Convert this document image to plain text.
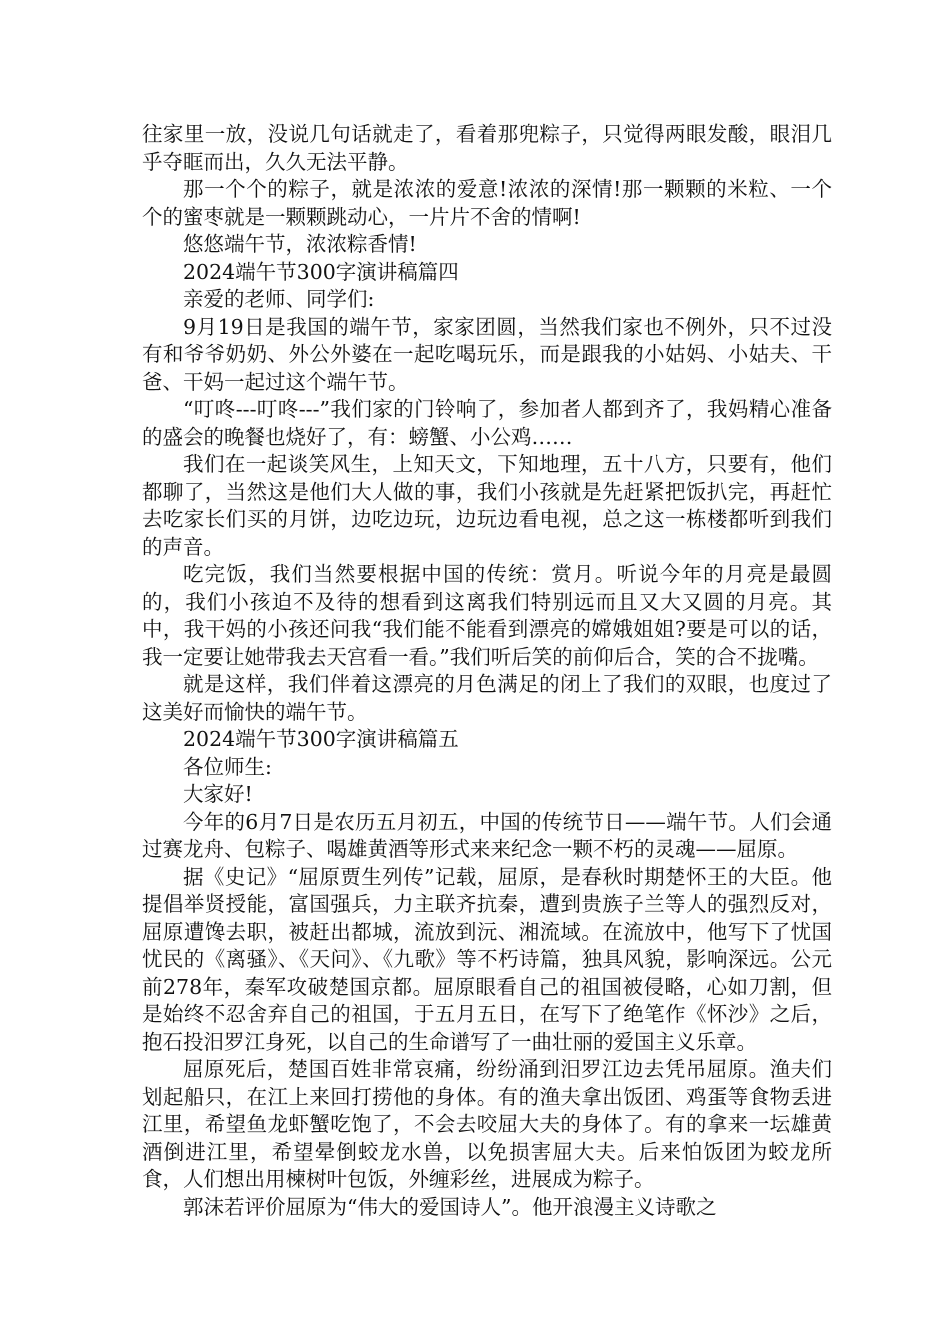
往家里一放，没说几句话就走了，看着那兜粽子，只觉得两眼发酸，眼泪几乎夺眶而出，久久无法平静。

那一个个的粽子，就是浓浓的爱意!浓浓的深情!那一颗颗的米粒、一个个的蜜枣就是一颗颗跳动心，一片片不舍的情啊!

悠悠端午节，浓浓粽香情!

2024端午节300字演讲稿篇四

亲爱的老师、同学们:

9月19日是我国的端午节，家家团圆，当然我们家也不例外，只不过没有和爷爷奶奶、外公外婆在一起吃喝玩乐，而是跟我的小姑妈、小姑夫、干爸、干妈一起过这个端午节。

“叮咚---叮咚---”我们家的门铃响了，参加者人都到齐了，我妈精心准备的盛会的晚餐也烧好了，有：螃蟹、小公鸡……

我们在一起谈笑风生，上知天文，下知地理，五十八方，只要有，他们都聊了，当然这是他们大人做的事，我们小孩就是先赶紧把饭扒完，再赶忙去吃家长们买的月饼，边吃边玩，边玩边看电视，总之这一栋楼都听到我们的声音。

吃完饭，我们当然要根据中国的传统：赏月。听说今年的月亮是最圆的，我们小孩迫不及待的想看到这离我们特别远而且又大又圆的月亮。其中，我干妈的小孩还问我“我们能不能看到漂亮的嫦娥姐姐?要是可以的话，我一定要让她带我去天宫看一看。”我们听后笑的前仰后合，笑的合不拢嘴。

就是这样，我们伴着这漂亮的月色满足的闭上了我们的双眼，也度过了这美好而愉快的端午节。

2024端午节300字演讲稿篇五

各位师生:

大家好!

今年的6月7日是农历五月初五，中国的传统节日——端午节。人们会通过赛龙舟、包粽子、喝雄黄酒等形式来来纪念一颗不朽的灵魂——屈原。

据《史记》“屈原贾生列传”记载，屈原，是春秋时期楚怀王的大臣。他提倡举贤授能，富国强兵，力主联齐抗秦，遭到贵族子兰等人的强烈反对，屈原遭馋去职，被赶出都城，流放到沅、湘流域。在流放中，他写下了忧国忧民的《离骚》、《天问》、《九歌》等不朽诗篇，独具风貌，影响深远。公元前278年，秦军攻破楚国京都。屈原眼看自己的祖国被侵略，心如刀割，但是始终不忍舍弃自己的祖国，于五月五日，在写下了绝笔作《怀沙》之后，抱石投汨罗江身死，以自己的生命谱写了一曲壮丽的爱国主义乐章。

屈原死后，楚国百姓非常哀痛，纷纷涌到汨罗江边去凭吊屈原。渔夫们划起船只，在江上来回打捞他的身体。有的渔夫拿出饭团、鸡蛋等食物丢进江里，希望鱼龙虾蟹吃饱了，不会去咬屈大夫的身体了。有的拿来一坛雄黄酒倒进江里，希望晕倒蛟龙水兽，以免损害屈大夫。后来怕饭团为蛟龙所食，人们想出用楝树叶包饭，外缠彩丝，进展成为粽子。

郭沫若评价屈原为“伟大的爱国诗人”。他开浪漫主义诗歌之
